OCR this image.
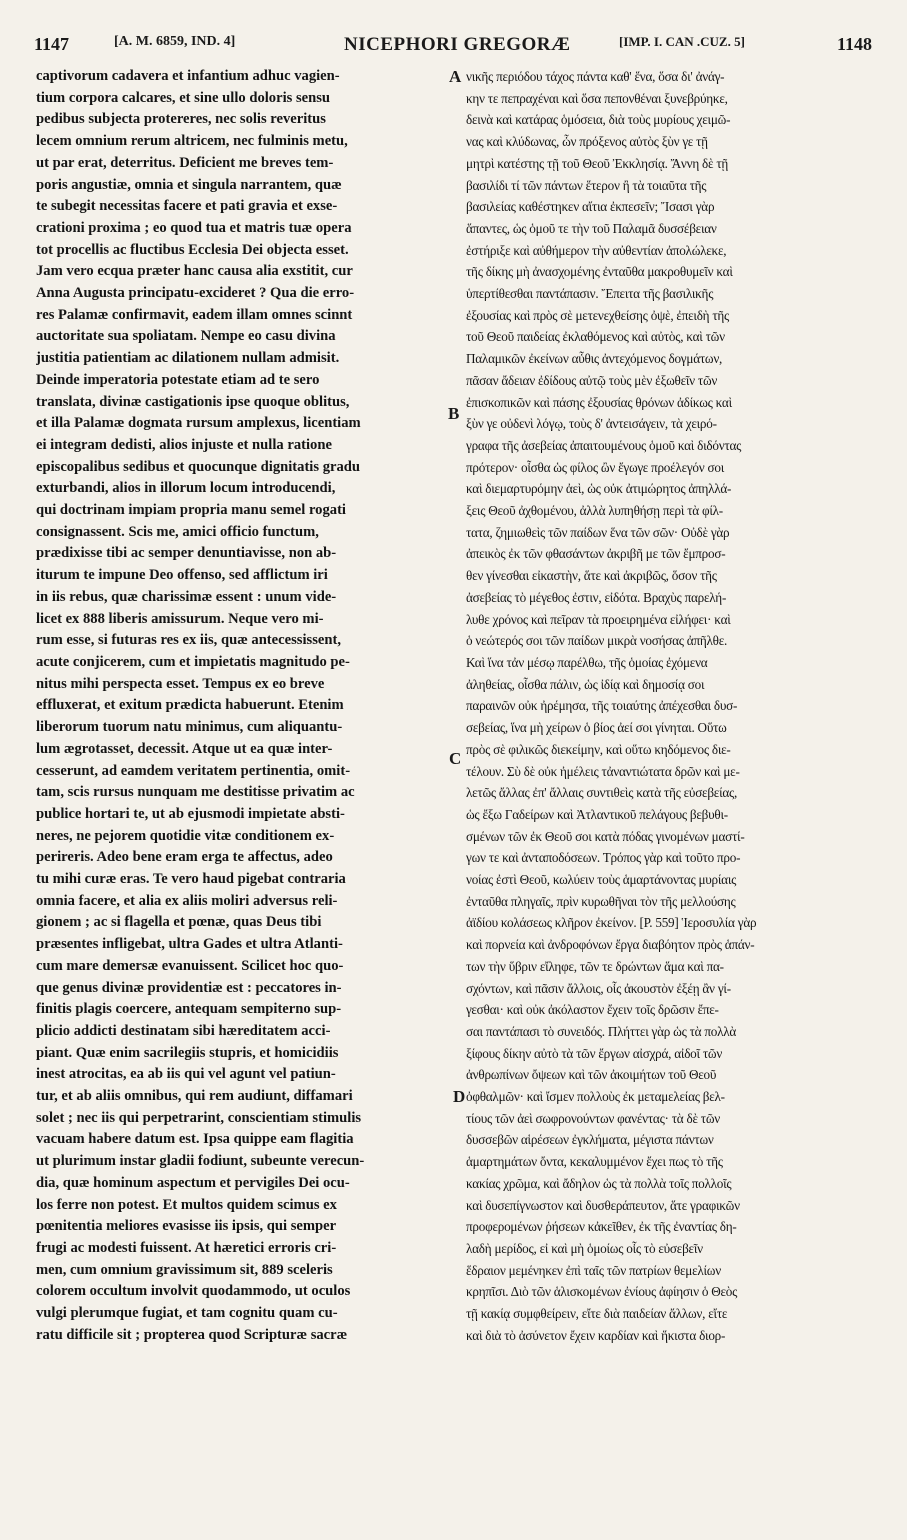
1147	[A. M. 6859, IND. 4]	NICEPHORI GREGORÆ	[IMP. I. CAN .CUZ. 5]	1148
captivorum cadavera et infantium adhuc vagien-
tium corpora calcares, et sine ullo doloris sensu
pedibus subjecta protereres, nec solis reveritus
lecem omnium rerum altricem, nec fulminis metu,
ut par erat, deterritus. Deficient me breves tem-
poris angustiæ, omnia et singula narrantem, quæ
te subegit necessitas facere et pati gravia et exse-
crationi proxima ; eo quod tua et matris tuæ opera
tot procellis ac fluctibus Ecclesia Dei objecta esset.
Jam vero ecqua præter hanc causa alia exstitit, cur
Anna Augusta principatu-excideret ? Qua die erro-
res Palamæ confirmavit, eadem illam omnes scinnt
auctoritate sua spoliatam. Nempe eo casu divina
justitia patientiam ac dilationem nullam admisit.
Deinde imperatoria potestate etiam ad te sero
translata, divinæ castigationis ipse quoque oblitus,
et illa Palamæ dogmata rursum amplexus, licentiam
ei integram dedisti, alios injuste et nulla ratione
episcopalibus sedibus et quocunque dignitatis gradu
exturbandi, alios in illorum locum introducendi,
qui doctrinam impiam propria manu semel rogati
consignassent. Scis me, amici officio functum,
prædixisse tibi ac semper denuntiavisse, non ab-
iturum te impune Deo offenso, sed afflictum iri
in iis rebus, quæ charissimæ essent : unum vide-
licet ex 888 liberis amissurum. Neque vero mi-
rum esse, si futuras res ex iis, quæ antecessissent,
acute conjicerem, cum et impietatis magnitudo pe-
nitus mihi perspecta esset. Tempus ex eo breve
effluxerat, et exitum prædicta habuerunt. Etenim
liberorum tuorum natu minimus, cum aliquantu-
lum ægrotasset, decessit. Atque ut ea quæ inter-
cesserunt, ad eamdem veritatem pertinentia, omit-
tam, scis rursus nunquam me destitisse privatim ac
publice hortari te, ut ab ejusmodi impietate absti-
neres, ne pejorem quotidie vitæ conditionem ex-
perireris. Adeo bene eram erga te affectus, adeo
tu mihi curæ eras. Te vero haud pigebat contraria
omnia facere, et alia ex aliis moliri adversus reli-
gionem ; ac si flagella et pœnæ, quas Deus tibi
præsentes infligebat, ultra Gades et ultra Atlanti-
cum mare demersæ evanuissent. Scilicet hoc quo-
que genus divinæ providentiæ est : peccatores in-
finitis plagis coercere, antequam sempiterno sup-
plicio addicti destinatam sibi hæreditatem acci-
piant. Quæ enim sacrilegiis stupris, et homicidiis
inest atrocitas, ea ab iis qui vel agunt vel patiun-
tur, et ab aliis omnibus, qui rem audiunt, diffamari
solet ; nec iis qui perpetrarint, conscientiam stimulis
vacuam habere datum est. Ipsa quippe eam flagitia
ut plurimum instar gladii fodiunt, subeunte verecun-
dia, quæ hominum aspectum et pervigiles Dei ocu-
los ferre non potest. Et multos quidem scimus ex
pœnitentia meliores evasisse iis ipsis, qui semper
frugi ac modesti fuissent. At hæretici erroris cri-
men, cum omnium gravissimum sit, 889 sceleris
colorem occultum involvit quodammodo, ut oculos
vulgi plerumque fugiat, et tam cognitu quam cu-
ratu difficile sit ; propterea quod Scripturæ sacræ
νικῆς περιόδου τάχος πάντα καθ' ἕνα, ὅσα δι' ἀνάγ-
κην τε πεπραχέναι καὶ ὅσα πεπονθέναι ξυνεβρύηκε,
δεινὰ καὶ κατάρας ὁμόσεια, διὰ τοὺς μυρίους χειμῶ-
νας καὶ κλύδωνας, ὧν πρόξενος αὐτὸς ξὺν γε τῇ
μητρὶ κατέστης τῇ τοῦ Θεοῦ Ἐκκλησίᾳ. Ἄννη δὲ τῇ
βασιλίδι τί τῶν πάντων ἕτερον ἢ τὰ τοιαῦτα τῆς
βασιλείας καθέστηκεν αἴτια ἐκπεσεῖν; Ἴσασι γὰρ
ἅπαντες, ὡς ὁμοῦ τε τὴν τοῦ Παλαμᾶ δυσσέβειαν
ἐστήριξε καὶ αὐθήμερον τὴν αὐθεντίαν ἀπολώλεκε,
τῆς δίκης μὴ ἀνασχομένης ἐνταῦθα μακροθυμεῖν καὶ
ὑπερτίθεσθαι παντάπασιν. Ἔπειτα τῆς βασιλικῆς
ἐξουσίας καὶ πρὸς σὲ μετενεχθείσης ὀψὲ, ἐπειδὴ τῆς
τοῦ Θεοῦ παιδείας ἐκλαθόμενος καὶ αὐτὸς, καὶ τῶν
Παλαμικῶν ἐκείνων αὖθις ἀντεχόμενος δογμάτων,
πᾶσαν ἄδειαν ἐδίδους αὐτῷ τοὺς μὲν ἐξωθεῖν τῶν
ἐπισκοπικῶν καὶ πάσης ἐξουσίας θρόνων ἀδίκως καὶ
ξὺν γε οὐδενὶ λόγῳ, τοὺς δ' ἀντεισάγειν, τὰ χειρό-
γραφα τῆς ἀσεβείας ἀπαιτουμένους ὁμοῦ καὶ διδόντας
πρότερον· οἶσθα ὡς φίλος ὢν ἔγωγε προέλεγόν σοι
καὶ διεμαρτυρόμην ἀεὶ, ὡς οὐκ ἀτιμώρητος ἀπηλλά-
ξεις Θεοῦ ἀχθομένου, ἀλλὰ λυπηθήσῃ περὶ τὰ φίλ-
τατα, ζημιωθεὶς τῶν παίδων ἕνα τῶν σῶν· Οὐδὲ γὰρ
ἀπεικὸς ἐκ τῶν φθασάντων ἀκριβῆ με τῶν ἔμπροσ-
θεν γίνεσθαι εἰκαστὴν, ἅτε καὶ ἀκριβῶς, ὅσον τῆς
ἀσεβείας τὸ μέγεθος ἐστιν, εἰδότα. Βραχὺς παρελή-
λυθε χρόνος καὶ πεῖραν τὰ προειρημένα εἰλήφει· καὶ
ὁ νεώτερός σοι τῶν παίδων μικρὰ νοσήσας ἀπῆλθε.
Καὶ ἵνα τἀν μέσῳ παρέλθω, τῆς ὁμοίας ἐχόμενα
ἀληθείας, οἶσθα πάλιν, ὡς ἰδίᾳ καὶ δημοσίᾳ σοι
παραινῶν οὐκ ἠρέμησα, τῆς τοιαύτης ἀπέχεσθαι δυσ-
σεβείας, ἵνα μὴ χείρων ὁ βίος ἀεί σοι γίνηται. Οὕτω
πρὸς σὲ φιλικῶς διεκείμην, καὶ οὕτω κηδόμενος διε-
τέλουν. Σὺ δὲ οὐκ ἠμέλεις τἀναντιώτατα δρῶν καὶ με-
λετῶς ἄλλας ἐπ' ἄλλαις συντιθεὶς κατὰ τῆς εὐσεβείας,
ὡς ἔξω Γαδείρων καὶ Ἀτλαντικοῦ πελάγους βεβυθι-
σμένων τῶν ἐκ Θεοῦ σοι κατὰ πόδας γινομένων μαστί-
γων τε καὶ ἀνταποδόσεων. Τρόπος γὰρ καὶ τοῦτο προ-
νοίας ἐστὶ Θεοῦ, κωλύειν τοὺς ἁμαρτάνοντας μυρίαις
ἐνταῦθα πληγαῖς, πρὶν κυρωθῆναι τὸν τῆς μελλούσης
ἀϊδίου κολάσεως κλῆρον ἐκείνον. [P. 559] Ἱεροσυλία γὰρ
καὶ πορνεία καὶ ἀνδροφόνων ἔργα διαβόητον πρὸς ἁπάν-
των τὴν ὕβριν εἴληφε, τῶν τε δρώντων ἅμα καὶ πα-
σχόντων, καὶ πᾶσιν ἄλλοις, οἷς ἀκουστὸν ἐξέῃ ἂν γί-
γεσθαι· καὶ οὐκ ἀκόλαστον ἔχειν τοῖς δρῶσιν ἔπε-
σαι παντάπασι τὸ συνειδός. Πλήττει γὰρ ὡς τὰ πολλὰ
ξίφους δίκην αὐτὸ τὰ τῶν ἔργων αἰσχρά, αἰδοῖ τῶν
ἀνθρωπίνων ὄψεων καὶ τῶν ἀκοιμήτων τοῦ Θεοῦ
ὀφθαλμῶν· καὶ ἴσμεν πολλοὺς ἐκ μεταμελείας βελ-
τίους τῶν ἀεὶ σωφρονούντων φανέντας· τὰ δὲ τῶν
δυσσεβῶν αἱρέσεων ἐγκλήματα, μέγιστα πάντων
ἁμαρτημάτων ὄντα, κεκαλυμμένον ἔχει πως τὸ τῆς
κακίας χρῶμα, καὶ ἄδηλον ὡς τὰ πολλὰ τοῖς πολλοῖς
καὶ δυσεπίγνωστον καὶ δυσθεράπευτον, ἅτε γραφικῶν
προφερομένων ῥήσεων κἀκεῖθεν, ἐκ τῆς ἐναντίας δη-
λαδὴ μερίδος, εἰ καὶ μὴ ὁμοίως οἷς τὸ εὐσεβεῖν
ἕδραιον μεμένηκεν ἐπὶ ταῖς τῶν πατρίων θεμελίων
κρηπῖσι. Διὸ τῶν ἁλισκομένων ἐνίους ἀφίησιν ὁ Θεὸς
τῇ κακίᾳ συμφθείρειν, εἴτε διὰ παιδείαν ἄλλων, εἴτε
καὶ διὰ τὸ ἀσύνετον ἔχειν καρδίαν καὶ ἥκιστα διορ-
A
B
C
D
